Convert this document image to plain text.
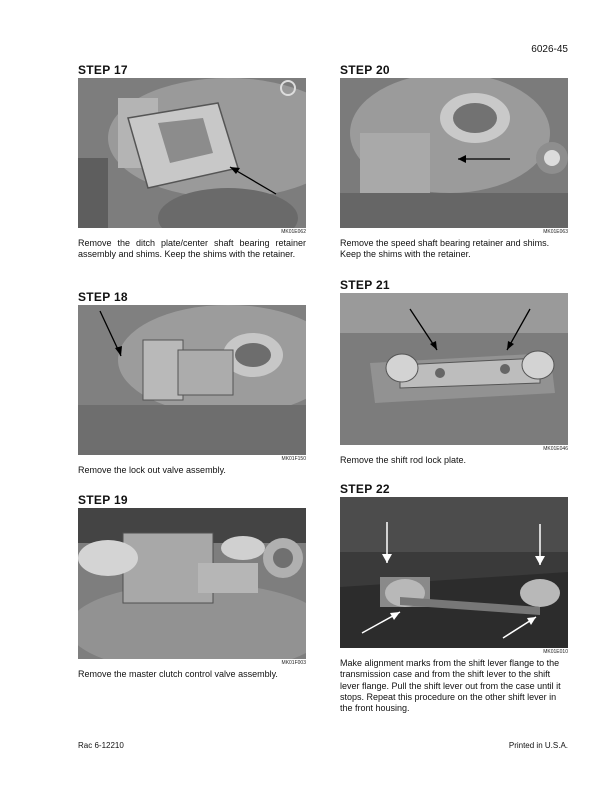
6026-45
STEP 17
MK01E062
Remove the ditch plate/center shaft bearing retainer assembly and shims. Keep the shims with the retainer.
STEP 18
MK01F150
Remove the lock out valve assembly.
STEP 19
MK01F003
Remove the master clutch control valve assembly.
STEP 20
MK01E063
Remove the speed shaft bearing retainer and shims. Keep the shims with the retainer.
STEP 21
MK01E046
Remove the shift rod lock plate.
STEP 22
MK01E010
Make alignment marks from the shift lever flange to the transmission case and from the shift lever to the shift lever flange. Pull the shift lever out from the case until it stops. Repeat this procedure on the other shift lever in the front housing.
Rac 6-12210	Printed in U.S.A.
